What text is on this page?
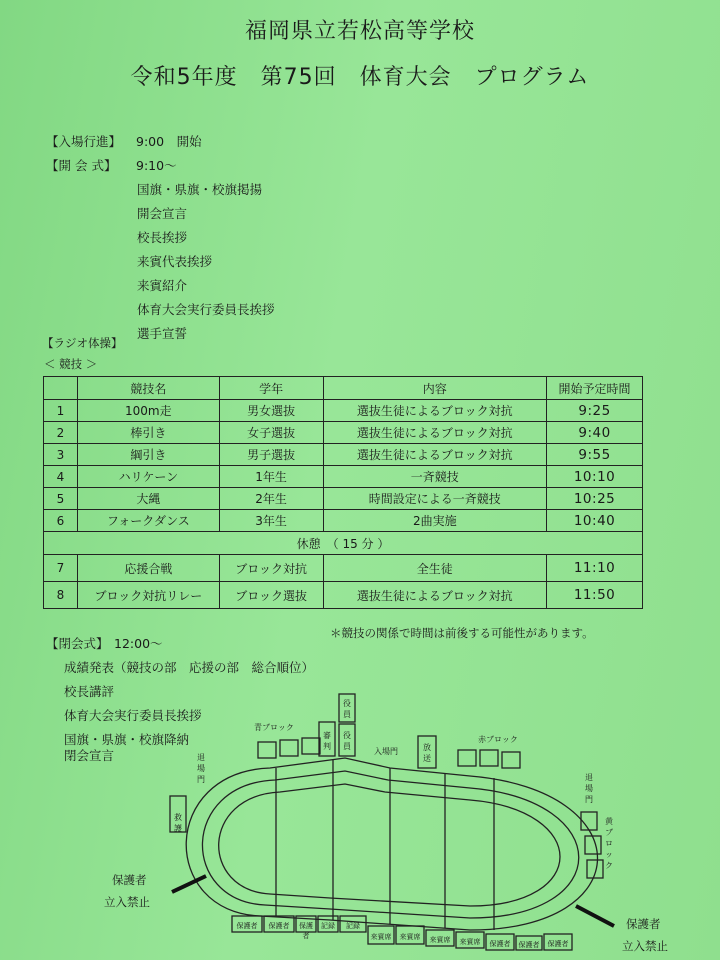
福岡県立若松高等学校
令和5年度　第75回　体育大会　プログラム
【入場行進】 9:00　開始
【開 会 式】 9:10～
国旗・県旗・校旗掲揚
開会宣言
校長挨拶
来賓代表挨拶
来賓紹介
体育大会実行委員長挨拶
選手宣誓
【ラジオ体操】
＜ 競技 ＞
	競技名	学年	内容	開始予定時間
1	100m走	男女選抜	選抜生徒によるブロック対抗	9:25
2	棒引き	女子選抜	選抜生徒によるブロック対抗	9:40
3	綱引き	男子選抜	選抜生徒によるブロック対抗	9:55
4	ハリケーン	1年生	一斉競技	10:10
5	大縄	2年生	時間設定による一斉競技	10:25
6	フォークダンス	3年生	2曲実施	10:40
休憩　（ 15 分 ）				
7	応援合戦	ブロック対抗	全生徒	11:10
8	ブロック対抗リレー	ブロック選抜	選抜生徒によるブロック対抗	11:50
＊競技の関係で時間は前後する可能性があります。
【閉会式】 12:00～
成績発表（競技の部　応援の部　総合順位）
校長講評
体育大会実行委員長挨拶
国旗・県旗・校旗降納
閉会宣言
青ブロック
赤ブロック
黄ブロック
入場門
退場門	退場門
審判
役員
役員	放送
救護
保護者
立入禁止
保護者
立入禁止
保護者	保護者	保護者
記録	記録
来賓席	来賓席	来賓席	来賓席	保護者	保護者	保護者
